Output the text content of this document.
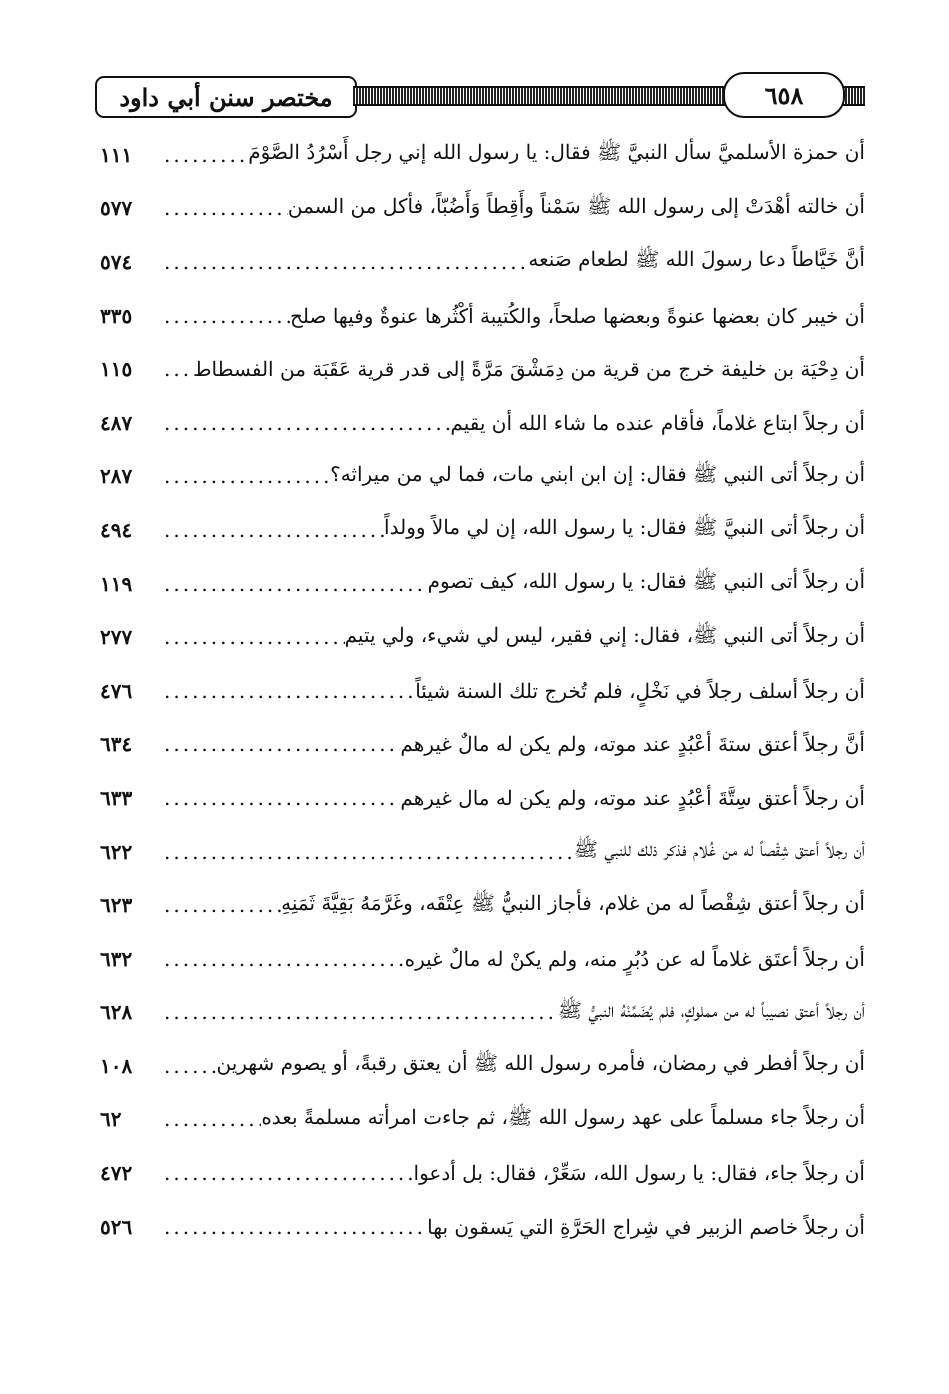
مختصر سنن أبي داود	٦٥٨
أن حمزة الأسلميَّ سأل النبيَّ ﷺ فقال: يا رسول الله إني رجل أَسْرُدُ الصَّوْمَ
.....
١١١
أن خالته أهْدَتْ إلى رسول الله ﷺ سَمْناً وأَقِطاً وَأَضُبّاً، فأكل من السمن
.....
٥٧٧
أنَّ خَيَّاطاً دعا رسولَ الله ﷺ لطعام صَنعه
.....
٥٧٤
أن خيبر كان بعضها عنوةً وبعضها صلحاً، والكُتيبة أكْثُرها عنوةٌ وفيها صلح
.....
٣٣٥
أن دِحْيَة بن خليفة خرج من قرية من دِمَشْقَ مَرَّةً إلى قدر قرية عَقَبَة من الفسطاط
.....
١١٥
أن رجلاً ابتاع غلاماً، فأقام عنده ما شاء الله أن يقيم
.....
٤٨٧
أن رجلاً أتى النبي ﷺ فقال: إن ابن ابني مات، فما لي من ميراثه؟
.....
٢٨٧
أن رجلاً أتى النبيَّ ﷺ فقال: يا رسول الله، إن لي مالاً وولداً
.....
٤٩٤
أن رجلاً أتى النبي ﷺ فقال: يا رسول الله، كيف تصوم
.....
١١٩
أن رجلاً أتى النبي ﷺ، فقال: إني فقير، ليس لي شيء، ولي يتيم
.....
٢٧٧
أن رجلاً أسلف رجلاً في نَخْلٍ، فلم تُخرج تلك السنة شيئاً
.....
٤٧٦
أنَّ رجلاً أعتق ستةَ أعْبُدٍ عند موته، ولم يكن له مالٌ غيرهم
.....
٦٣٤
أن رجلاً أعتق سِتَّةَ أعْبُدٍ عند موته، ولم يكن له مال غيرهم
.....
٦٣٣
أن رجلاً أعتق شِقْصاً له من غُلام فذكر ذلك للنبي ﷺ
.....
٦٢٢
أن رجلاً أعتق شِقْصاً له من غلام، فأجاز النبيُّ ﷺ عِتْقَه، وغَرَّمَهُ بَقِيَّةَ ثَمَنِهِ
.....
٦٢٣
أن رجلاً أعتَق غلاماً له عن دُبُرٍ منه، ولم يكنْ له مالٌ غيره
.....
٦٣٢
أن رجلاً أعتق نصيباً له من مملوكٍ، فلم يُضَمِّنْهُ النبيُّ ﷺ
.....
٦٢٨
أن رجلاً أفطر في رمضان، فأمره رسول الله ﷺ أن يعتق رقبةً، أو يصوم شهرين
.....
١٠٨
أن رجلاً جاء مسلماً على عهد رسول الله ﷺ، ثم جاءت امرأته مسلمةً بعده
.....
٦٢
أن رجلاً جاء، فقال: يا رسول الله، سَعِّرْ، فقال: بل أدعوا
.....
٤٧٢
أن رجلاً خاصم الزبير في شِراج الحَرَّةِ التي يَسقون بها
.....
٥٢٦
